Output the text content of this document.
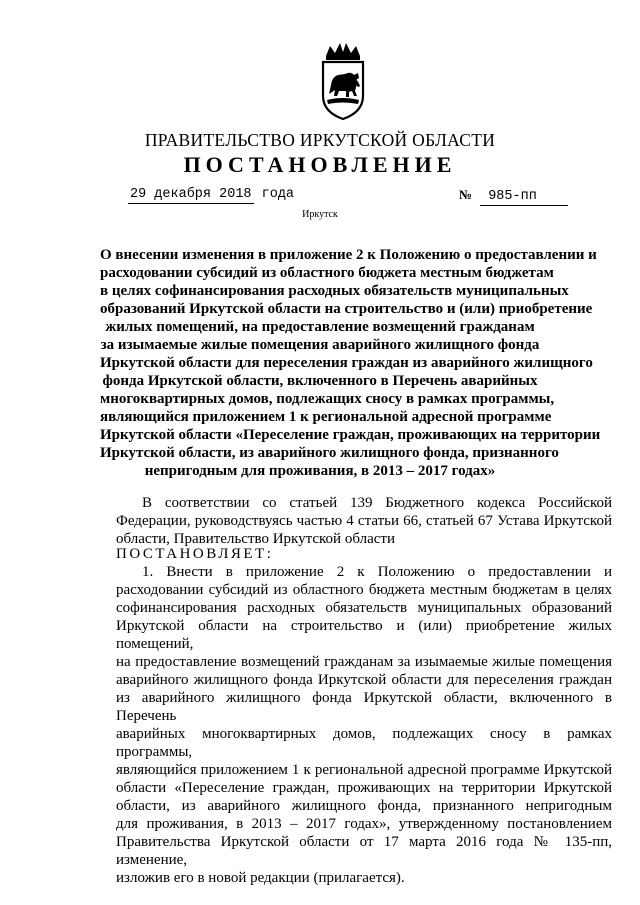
ПРАВИТЕЛЬСТВО ИРКУТСКОЙ ОБЛАСТИ
ПОСТАНОВЛЕНИЕ
29 декабря 2018 года	№ 985-пп
Иркутск
О внесении изменения в приложение 2 к Положению о предоставлении и
расходовании субсидий из областного бюджета местным бюджетам
в целях софинансирования расходных обязательств муниципальных
образований Иркутской области на строительство и (или) приобретение
жилых помещений, на предоставление возмещений гражданам
за изымаемые жилые помещения аварийного жилищного фонда
Иркутской области для переселения граждан из аварийного жилищного
фонда Иркутской области, включенного в Перечень аварийных
многоквартирных домов, подлежащих сносу в рамках программы,
являющийся приложением 1 к региональной адресной программе
Иркутской области «Переселение граждан, проживающих на территории
Иркутской области, из аварийного жилищного фонда, признанного
непригодным для проживания, в 2013 – 2017 годах»
В соответствии со статьей 139 Бюджетного кодекса Российской
Федерации, руководствуясь частью 4 статьи 66, статьей 67 Устава Иркутской
области, Правительство Иркутской области
ПОСТАНОВЛЯЕТ:
1. Внести в приложение 2 к Положению о предоставлении и
расходовании субсидий из областного бюджета местным бюджетам в целях
софинансирования расходных обязательств муниципальных образований
Иркутской области на строительство и (или) приобретение жилых помещений,
на предоставление возмещений гражданам за изымаемые жилые помещения
аварийного жилищного фонда Иркутской области для переселения граждан
из аварийного жилищного фонда Иркутской области, включенного в Перечень
аварийных многоквартирных домов, подлежащих сносу в рамках программы,
являющийся приложением 1 к региональной адресной программе Иркутской
области «Переселение граждан, проживающих на территории Иркутской
области, из аварийного жилищного фонда, признанного непригодным
для проживания, в 2013 – 2017 годах», утвержденному постановлением
Правительства Иркутской области от 17 марта 2016 года № 135-пп, изменение,
изложив его в новой редакции (прилагается).
